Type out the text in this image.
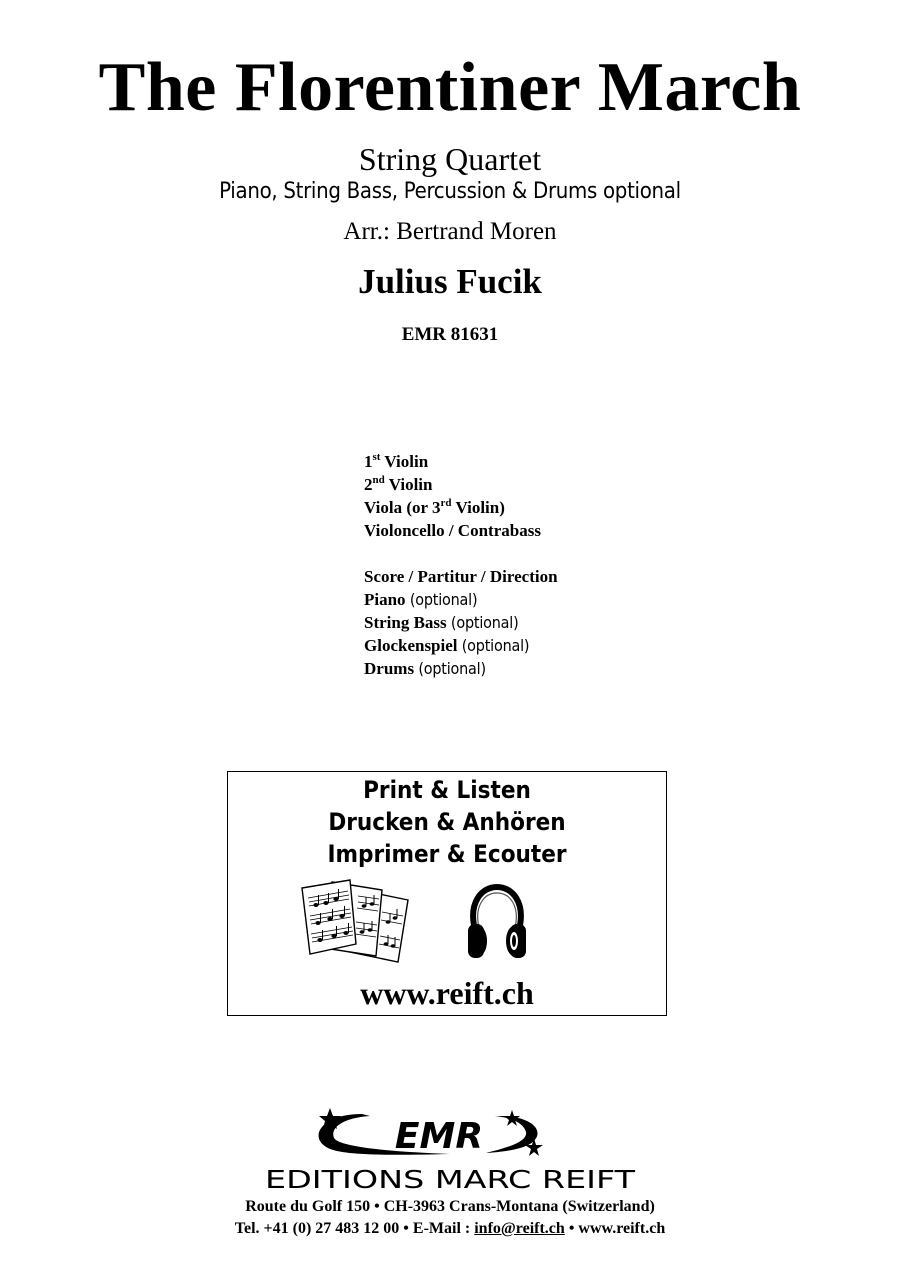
The Florentiner March
String Quartet
Piano, String Bass, Percussion & Drums optional
Arr.: Bertrand Moren
Julius Fucik
EMR 81631
1st Violin
2nd Violin
Viola (or 3rd Violin)
Violoncello / Contrabass
Score / Partitur / Direction
Piano (optional)
String Bass (optional)
Glockenspiel (optional)
Drums (optional)
Print & Listen
Drucken & Anhören
Imprimer & Ecouter
www.reift.ch
EMR
EDITIONS MARC REIFT
Route du Golf 150 • CH-3963 Crans-Montana (Switzerland)
Tel. +41 (0) 27 483 12 00 • E-Mail : info@reift.ch • www.reift.ch
